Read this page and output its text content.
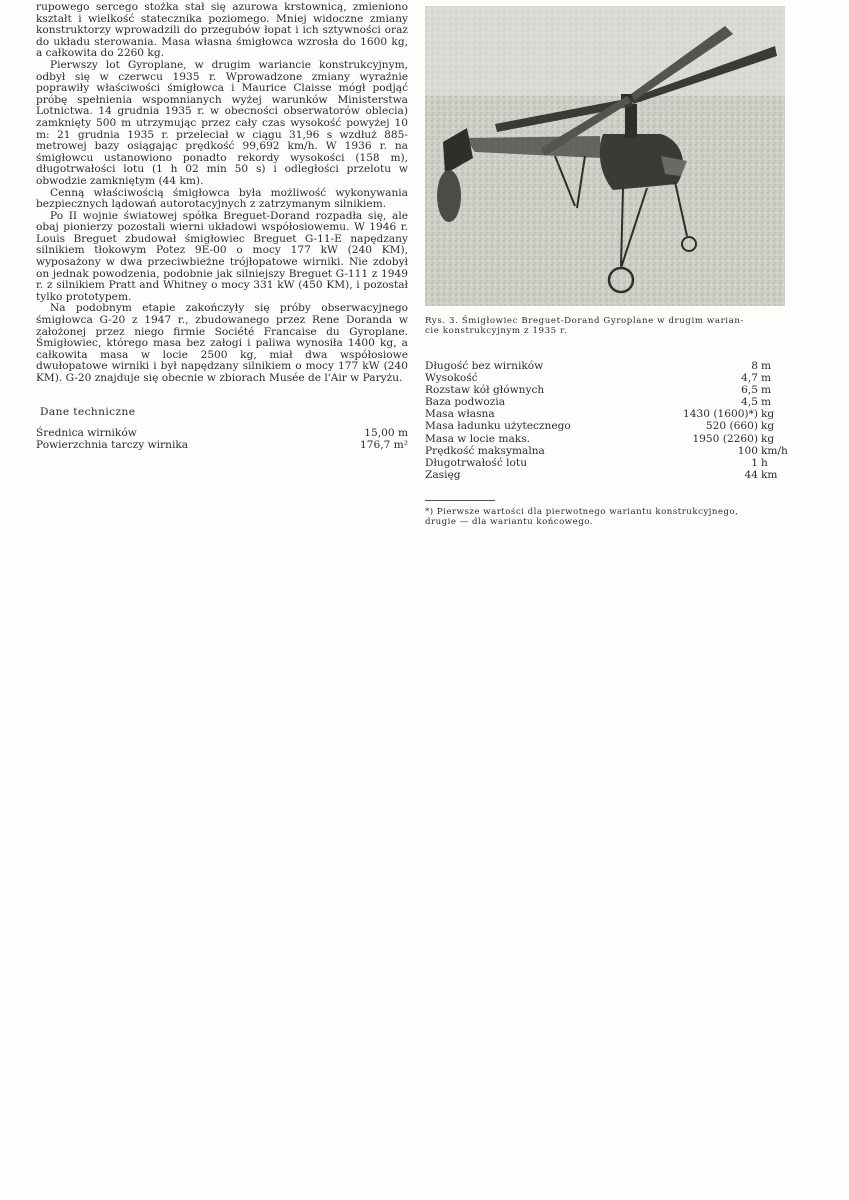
rupowego sercego stożka stał się azurowa krstownicą, zmieniono kształt i wielkość statecznika poziomego. Mniej widoczne zmiany konstruktorzy wprowadzili do przegubów łopat i ich sztywności oraz do układu sterowania. Masa własna śmigłowca wzrosła do 1600 kg, a całkowita do 2260 kg.

Pierwszy lot Gyroplane, w drugim wariancie konstrukcyjnym, odbył się w czerwcu 1935 r. Wprowadzone zmiany wyraźnie poprawiły właściwości śmigłowca i Maurice Claisse mógł podjąć próbę spełnienia wspomnianych wyżej warunków Ministerstwa Lotnictwa. 14 grudnia 1935 r. w obecności obserwatorów oblecia) zamknięty 500 m utrzymując przez cały czas wysokość powyżej 10 m: 21 grudnia 1935 r. przeleciał w ciągu 31,96 s wzdłuż 885-metrowej bazy osiągając prędkość 99,692 km/h. W 1936 r. na śmigłowcu ustanowiono ponadto rekordy wysokości (158 m), długotrwałości lotu (1 h 02 min 50 s) i odległości przelotu w obwodzie zamkniętym (44 km).

Cenną właściwością śmigłowca była możliwość wykonywania bezpiecznych lądowań autorotacyjnych z zatrzymanym silnikiem.

Po II wojnie światowej spółka Breguet-Dorand rozpadła się, ale obaj pionierzy pozostali wierni układowi współosiowemu. W 1946 r. Louis Breguet zbudował śmigłowiec Breguet G-11-E napędzany silnikiem tłokowym Potez 9E-00 o mocy 177 kW (240 KM), wyposażony w dwa przeciwbieżne trójłopatowe wirniki. Nie zdobył on jednak powodzenia, podobnie jak silniejszy Breguet G-111 z 1949 r. z silnikiem Pratt and Whitney o mocy 331 kW (450 KM), i pozostał tylko prototypem.

Na podobnym etapie zakończyły się próby obserwacyjnego śmigłowca G-20 z 1947 r., zbudowanego przez Rene Doranda w założonej przez niego firmie Société Francaise du Gyroplane. Śmigłowiec, którego masa bez załogi i paliwa wynosiła 1400 kg, a całkowita masa w locie 2500 kg, miał dwa współosiowe dwułopatowe wirniki i był napędzany silnikiem o mocy 177 kW (240 KM). G-20 znajduje się obecnie w zbiorach Musée de l'Air w Paryżu.

Dane techniczne
Średnica wirników	15,00 m
Powierzchnia tarczy wirnika	176,7 m²
Rys. 3. Śmigłowiec Breguet-Dorand Gyroplane w drugim warian-
cie konstrukcyjnym z 1935 r.
Długość bez wirników	8	m
Wysokość	4,7	m
Rozstaw kół głównych	6,5	m
Baza podwozia	4,5	m
Masa własna	1430 (1600)*)	kg
Masa ładunku użytecznego	520 (660)	kg
Masa w locie maks.	1950 (2260)	kg
Prędkość maksymalna	100	km/h
Długotrwałość lotu	1	h
Zasięg	44	km
*) Pierwsze wartości dla pierwotnego wariantu konstrukcyjnego,
drugie — dla wariantu końcowego.
